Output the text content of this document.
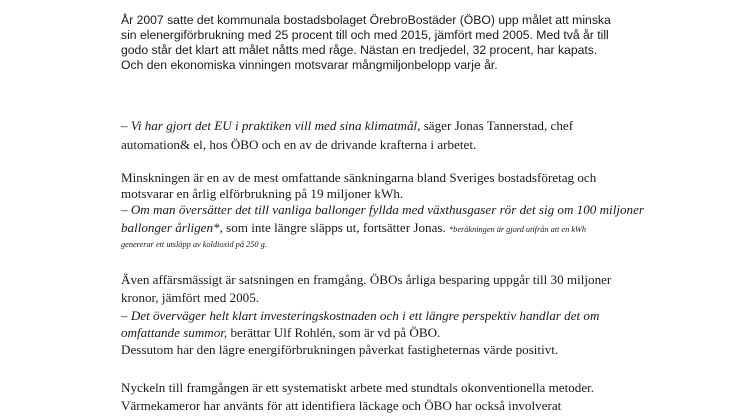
År 2007 satte det kommunala bostadsbolaget ÖrebroBostäder (ÖBO) upp målet att minska

sin elenergiförbrukning med 25 procent till och med 2015, jämfört med 2005. Med två år till

godo står det klart att målet nåtts med råge. Nästan en tredjedel, 32 procent, har kapats.

Och den ekonomiska vinningen motsvarar mångmiljonbelopp varje år.

– Vi har gjort det EU i praktiken vill med sina klimatmål, säger Jonas Tannerstad, chef

automation& el, hos ÖBO och en av de drivande krafterna i arbetet.

Minskningen är en av de mest omfattande sänkningarna bland Sveriges bostadsföretag och

motsvarar en årlig elförbrukning på 19 miljoner kWh.

– Om man översätter det till vanliga ballonger fyllda med växthusgaser rör det sig om 100 miljoner

ballonger årligen*, som inte längre släpps ut, fortsätter Jonas. *beräkningen är gjord utifrån att en kWh

genererar ett utsläpp av koldioxid på 250 g.

Även affärsmässigt är satsningen en framgång. ÖBOs årliga besparing uppgår till 30 miljoner

kronor, jämfört med 2005.

– Det överväger helt klart investeringskostnaden och i ett längre perspektiv handlar det om

omfattande summor, berättar Ulf Rohlén, som är vd på ÖBO.

Dessutom har den lägre energiförbrukningen påverkat fastigheternas värde positivt.

Nyckeln till framgången är ett systematiskt arbete med stundtals okonventionella metoder.

Värmekameror har använts för att identifiera läckage och ÖBO har också involverat
